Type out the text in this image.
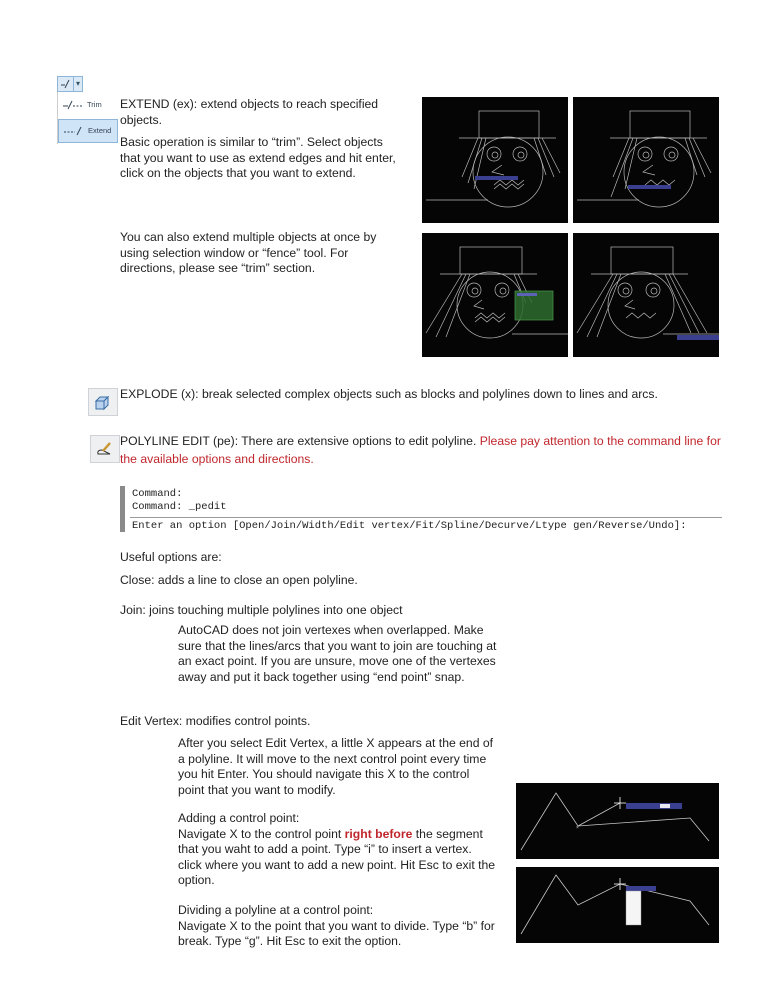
▾
Trim
Extend

EXTEND (ex): extend objects to reach specified objects.

Basic operation is similar to “trim”. Select objects that you want to use as extend edges and hit enter, click on the objects that you want to extend.

You can also extend multiple objects at once by using selection window or “fence” tool. For directions, please see “trim” section.

EXPLODE (x): break selected complex objects such as blocks and polylines down to lines and arcs.

POLYLINE EDIT (pe): There are extensive options to edit polyline. Please pay attention to the command line for the available options and directions.

Command:
Command: _pedit
Enter an option [Open/Join/Width/Edit vertex/Fit/Spline/Decurve/Ltype gen/Reverse/Undo]:

Useful options are:

Close: adds a line to close an open polyline.

Join: joins touching multiple polylines into one object

AutoCAD does not join vertexes when overlapped. Make sure that the lines/arcs that you want to join are touching at an exact point. If you are unsure, move one of the vertexes away and put it back together using “end point” snap.

Edit Vertex: modifies control points.

After you select Edit Vertex, a little X appears at the end of a polyline. It will move to the next control point every time you hit Enter. You should navigate this X to the control point that you want to modify.

Adding a control point:

Navigate X to the control point right before the segment that you waht to add a point. Type “i” to insert a vertex. click where you want to add a new point. Hit Esc to exit the option.

Dividing a polyline at a control point:

Navigate X to the point that you want to divide. Type “b” for break. Type “g”. Hit Esc to exit the option.

×
